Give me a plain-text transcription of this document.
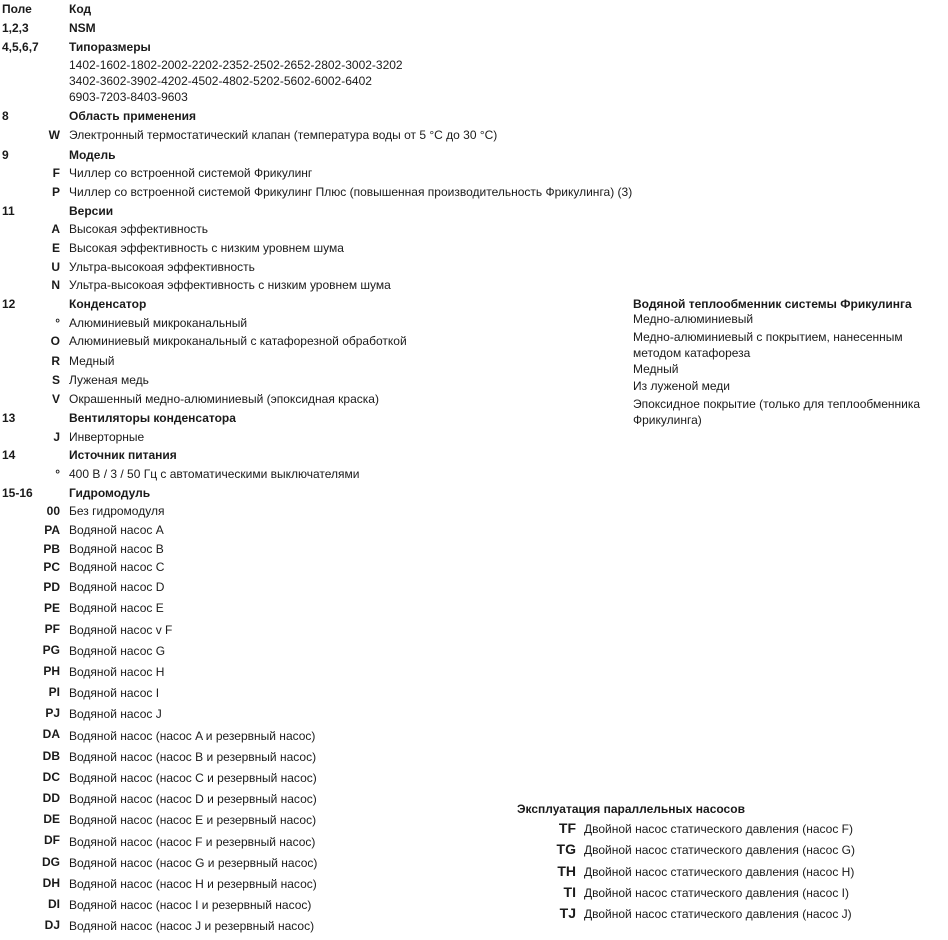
Поле	Код
1,2,3	NSM
4,5,6,7	Типоразмеры
1402-1602-1802-2002-2202-2352-2502-2652-2802-3002-3202
3402-3602-3902-4202-4502-4802-5202-5602-6002-6402
6903-7203-8403-9603
8	Область применения
W Электронный термостатический клапан (температура воды от 5 °С до 30 °С)
9	Модель
F Чиллер со встроенной системой Фрикулинг
P Чиллер со встроенной системой Фрикулинг Плюс (повышенная производительность Фрикулинга) (3)
11	Версии
A Высокая эффективность
E Высокая эффективность с низким уровнем шума
U Ультра-высокоая эффективность
N Ультра-высокоая эффективность с низким уровнем шума
12	Конденсатор
° Алюминиевый микроканальный
O Алюминиевый микроканальный с катафорезной обработкой
R Медный
S Луженая медь
V Окрашенный медно-алюминиевый (эпоксидная краска)
13	Вентиляторы конденсатора
J Инверторные
14	Источник питания
° 400 В / 3 / 50 Гц с автоматическими выключателями
15-16	Гидромодуль
00 Без гидромодуля
PA Водяной насос A
PB Водяной насос B
PC Водяной насос C
PD Водяной насос D
PE Водяной насос E
PF Водяной насос v F
PG Водяной насос G
PH Водяной насос H
PI Водяной насос I
PJ Водяной насос J
DA Водяной насос (насос A и резервный насос)
DB Водяной насос (насос B и резервный насос)
DC Водяной насос (насос C и резервный насос)
DD Водяной насос (насос D и резервный насос)
DE Водяной насос (насос E и резервный насос)
DF Водяной насос (насос F и резервный насос)
DG Водяной насос (насос G и резервный насос)
DH Водяной насос (насос H и резервный насос)
DI Водяной насос (насос I и резервный насос)
DJ Водяной насос (насос J и резервный насос)
Водяной теплообменник системы Фрикулинга
Медно-алюминиевый
Медно-алюминиевый с покрытием, нанесенным методом катафореза
Медный
Из луженой меди
Эпоксидное покрытие (только для теплообменника Фрикулинга)
Эксплуатация параллельных насосов
TF Двойной насос статического давления (насос F)
TG Двойной насос статического давления (насос G)
TH Двойной насос статического давления (насос H)
TI Двойной насос статического давления (насос I)
TJ Двойной насос статического давления (насос J)
